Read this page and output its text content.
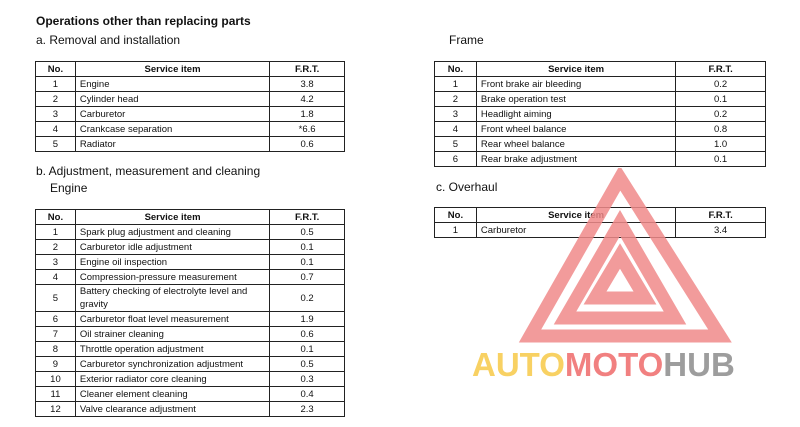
Operations other than replacing parts
a. Removal and installation
No.	Service item	F.R.T.
1	Engine	3.8
2	Cylinder head	4.2
3	Carburetor	1.8
4	Crankcase separation	*6.6
5	Radiator	0.6
b. Adjustment, measurement and cleaning
Engine
No.	Service item	F.R.T.
1	Spark plug adjustment and cleaning	0.5
2	Carburetor idle adjustment	0.1
3	Engine oil inspection	0.1
4	Compression-pressure measurement	0.7
5	Battery checking of electrolyte level and gravity	0.2
6	Carburetor float level measurement	1.9
7	Oil strainer cleaning	0.6
8	Throttle operation adjustment	0.1
9	Carburetor synchronization adjustment	0.5
10	Exterior radiator core cleaning	0.3
11	Cleaner element cleaning	0.4
12	Valve clearance adjustment	2.3
Frame
No.	Service item	F.R.T.
1	Front brake air bleeding	0.2
2	Brake operation test	0.1
3	Headlight aiming	0.2
4	Front wheel balance	0.8
5	Rear wheel balance	1.0
6	Rear brake adjustment	0.1
c. Overhaul
No.	Service item	F.R.T.
1	Carburetor	3.4
AUTOMOTOHUB
